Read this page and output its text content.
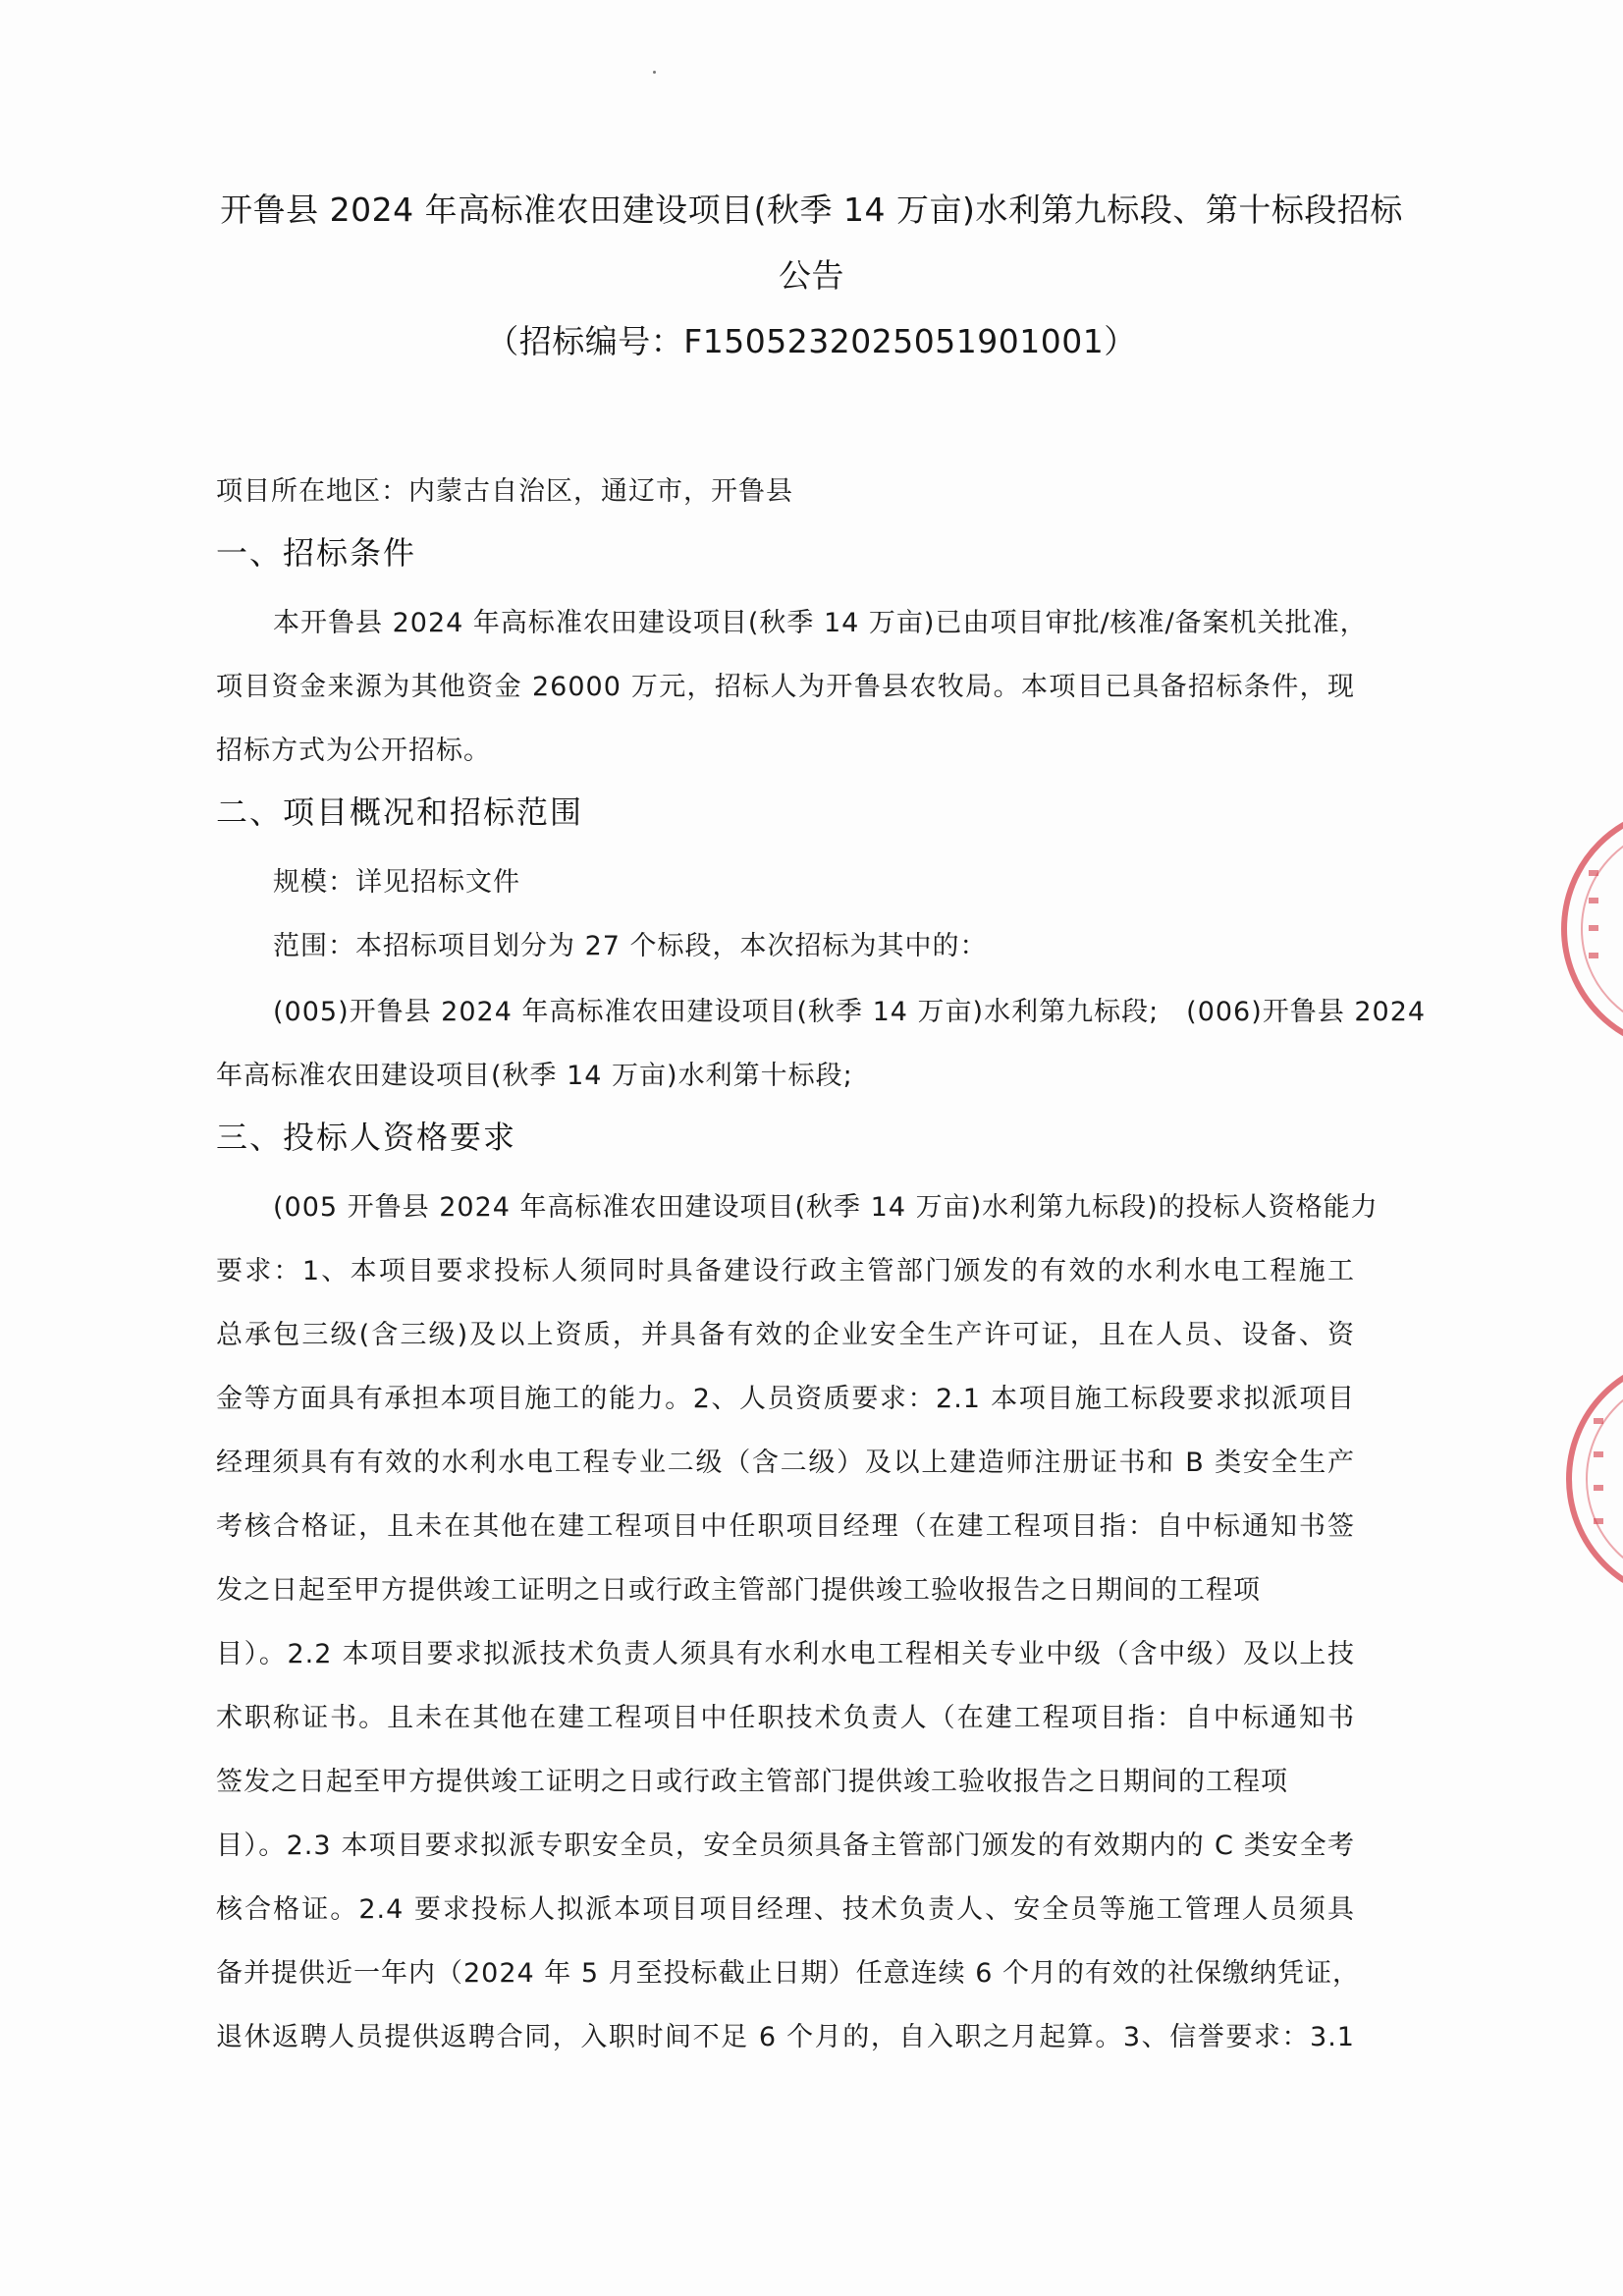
开鲁县 2024 年高标准农田建设项目(秋季 14 万亩)水利第九标段、第十标段招标
公告
（招标编号：F1505232025051901001）
项目所在地区：内蒙古自治区，通辽市，开鲁县
一、招标条件
本开鲁县 2024 年高标准农田建设项目(秋季 14 万亩)已由项目审批/核准/备案机关批准，
项目资金来源为其他资金 26000 万元，招标人为开鲁县农牧局。本项目已具备招标条件，现
招标方式为公开招标。
二、项目概况和招标范围
规模：详见招标文件
范围：本招标项目划分为 27 个标段，本次招标为其中的：
(005)开鲁县 2024 年高标准农田建设项目(秋季 14 万亩)水利第九标段;　(006)开鲁县 2024
年高标准农田建设项目(秋季 14 万亩)水利第十标段;
三、投标人资格要求
(005 开鲁县 2024 年高标准农田建设项目(秋季 14 万亩)水利第九标段)的投标人资格能力
要求：1、本项目要求投标人须同时具备建设行政主管部门颁发的有效的水利水电工程施工
总承包三级(含三级)及以上资质，并具备有效的企业安全生产许可证，且在人员、设备、资
金等方面具有承担本项目施工的能力。2、人员资质要求：2.1 本项目施工标段要求拟派项目
经理须具有有效的水利水电工程专业二级（含二级）及以上建造师注册证书和 B 类安全生产
考核合格证，且未在其他在建工程项目中任职项目经理（在建工程项目指：自中标通知书签
发之日起至甲方提供竣工证明之日或行政主管部门提供竣工验收报告之日期间的工程项
目）。2.2 本项目要求拟派技术负责人须具有水利水电工程相关专业中级（含中级）及以上技
术职称证书。且未在其他在建工程项目中任职技术负责人（在建工程项目指：自中标通知书
签发之日起至甲方提供竣工证明之日或行政主管部门提供竣工验收报告之日期间的工程项
目）。2.3 本项目要求拟派专职安全员，安全员须具备主管部门颁发的有效期内的 C 类安全考
核合格证。2.4 要求投标人拟派本项目项目经理、技术负责人、安全员等施工管理人员须具
备并提供近一年内（2024 年 5 月至投标截止日期）任意连续 6 个月的有效的社保缴纳凭证，
退休返聘人员提供返聘合同，入职时间不足 6 个月的，自入职之月起算。3、信誉要求：3.1
